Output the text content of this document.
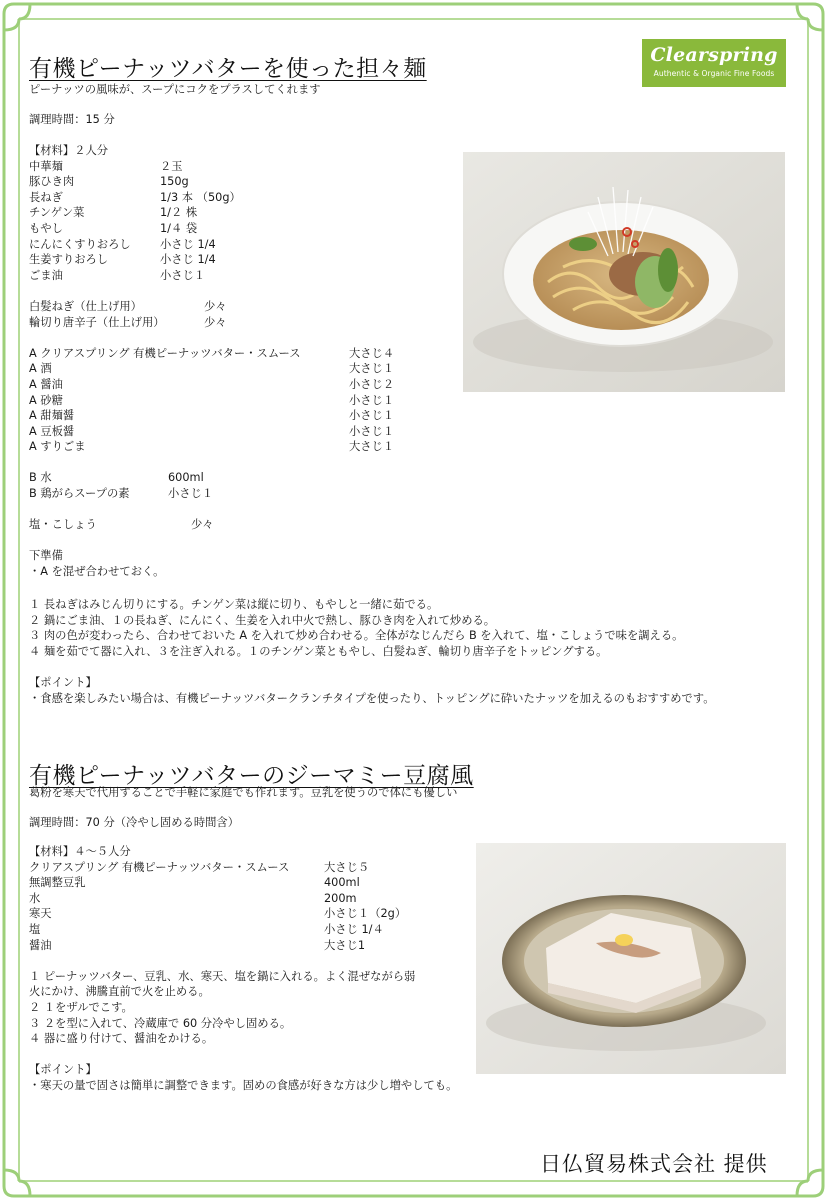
Clearspring
Authentic & Organic Fine Foods
有機ピーナッツバターを使った担々麺
ピーナッツの風味が、スープにコクをプラスしてくれます
調理時間：15 分
【材料】２人分
中華麺	２玉
豚ひき肉	150g
長ねぎ	1/3 本 （50g）
チンゲン菜	1/２ 株
もやし	1/４ 袋
にんにくすりおろし	小さじ 1/4
生姜すりおろし	小さじ 1/4
ごま油	小さじ１
白髪ねぎ（仕上げ用）	少々
輪切り唐辛子（仕上げ用）	少々
A クリアスプリング 有機ピーナッツバター・スムース	大さじ４
A 酒	大さじ１
A 醤油	小さじ２
A 砂糖	小さじ１
A 甜麺醤	小さじ１
A 豆板醤	小さじ１
A すりごま	大さじ１
B 水	600ml
B 鶏がらスープの素	小さじ１
塩・こしょう	少々
下準備
・A を混ぜ合わせておく。
１ 長ねぎはみじん切りにする。チンゲン菜は縦に切り、もやしと一緒に茹でる。
２ 鍋にごま油、１の長ねぎ、にんにく、生姜を入れ中火で熱し、豚ひき肉を入れて炒める。
３ 肉の色が変わったら、合わせておいた A を入れて炒め合わせる。全体がなじんだら B を入れて、塩・こしょうで味を調える。
４ 麺を茹でて器に入れ、３を注ぎ入れる。１のチンゲン菜ともやし、白髪ねぎ、輪切り唐辛子をトッピングする。
【ポイント】
・食感を楽しみたい場合は、有機ピーナッツバタークランチタイプを使ったり、トッピングに砕いたナッツを加えるのもおすすめです。
有機ピーナッツバターのジーマミー豆腐風
葛粉を寒天で代用することで手軽に家庭でも作れます。豆乳を使うので体にも優しい
調理時間：70 分（冷やし固める時間含）
【材料】４～５人分
クリアスプリング 有機ピーナッツバター・スムース	大さじ５
無調整豆乳	400ml
水	200m
寒天	小さじ１（2g）
塩	小さじ 1/４
醤油	大さじ1
１ ピーナッツバター、豆乳、水、寒天、塩を鍋に入れる。よく混ぜながら弱
火にかけ、沸騰直前で火を止める。
２ １をザルでこす。
３ ２を型に入れて、冷蔵庫で 60 分冷やし固める。
４ 器に盛り付けて、醤油をかける。
【ポイント】
・寒天の量で固さは簡単に調整できます。固めの食感が好きな方は少し増やしても。
日仏貿易株式会社 提供
